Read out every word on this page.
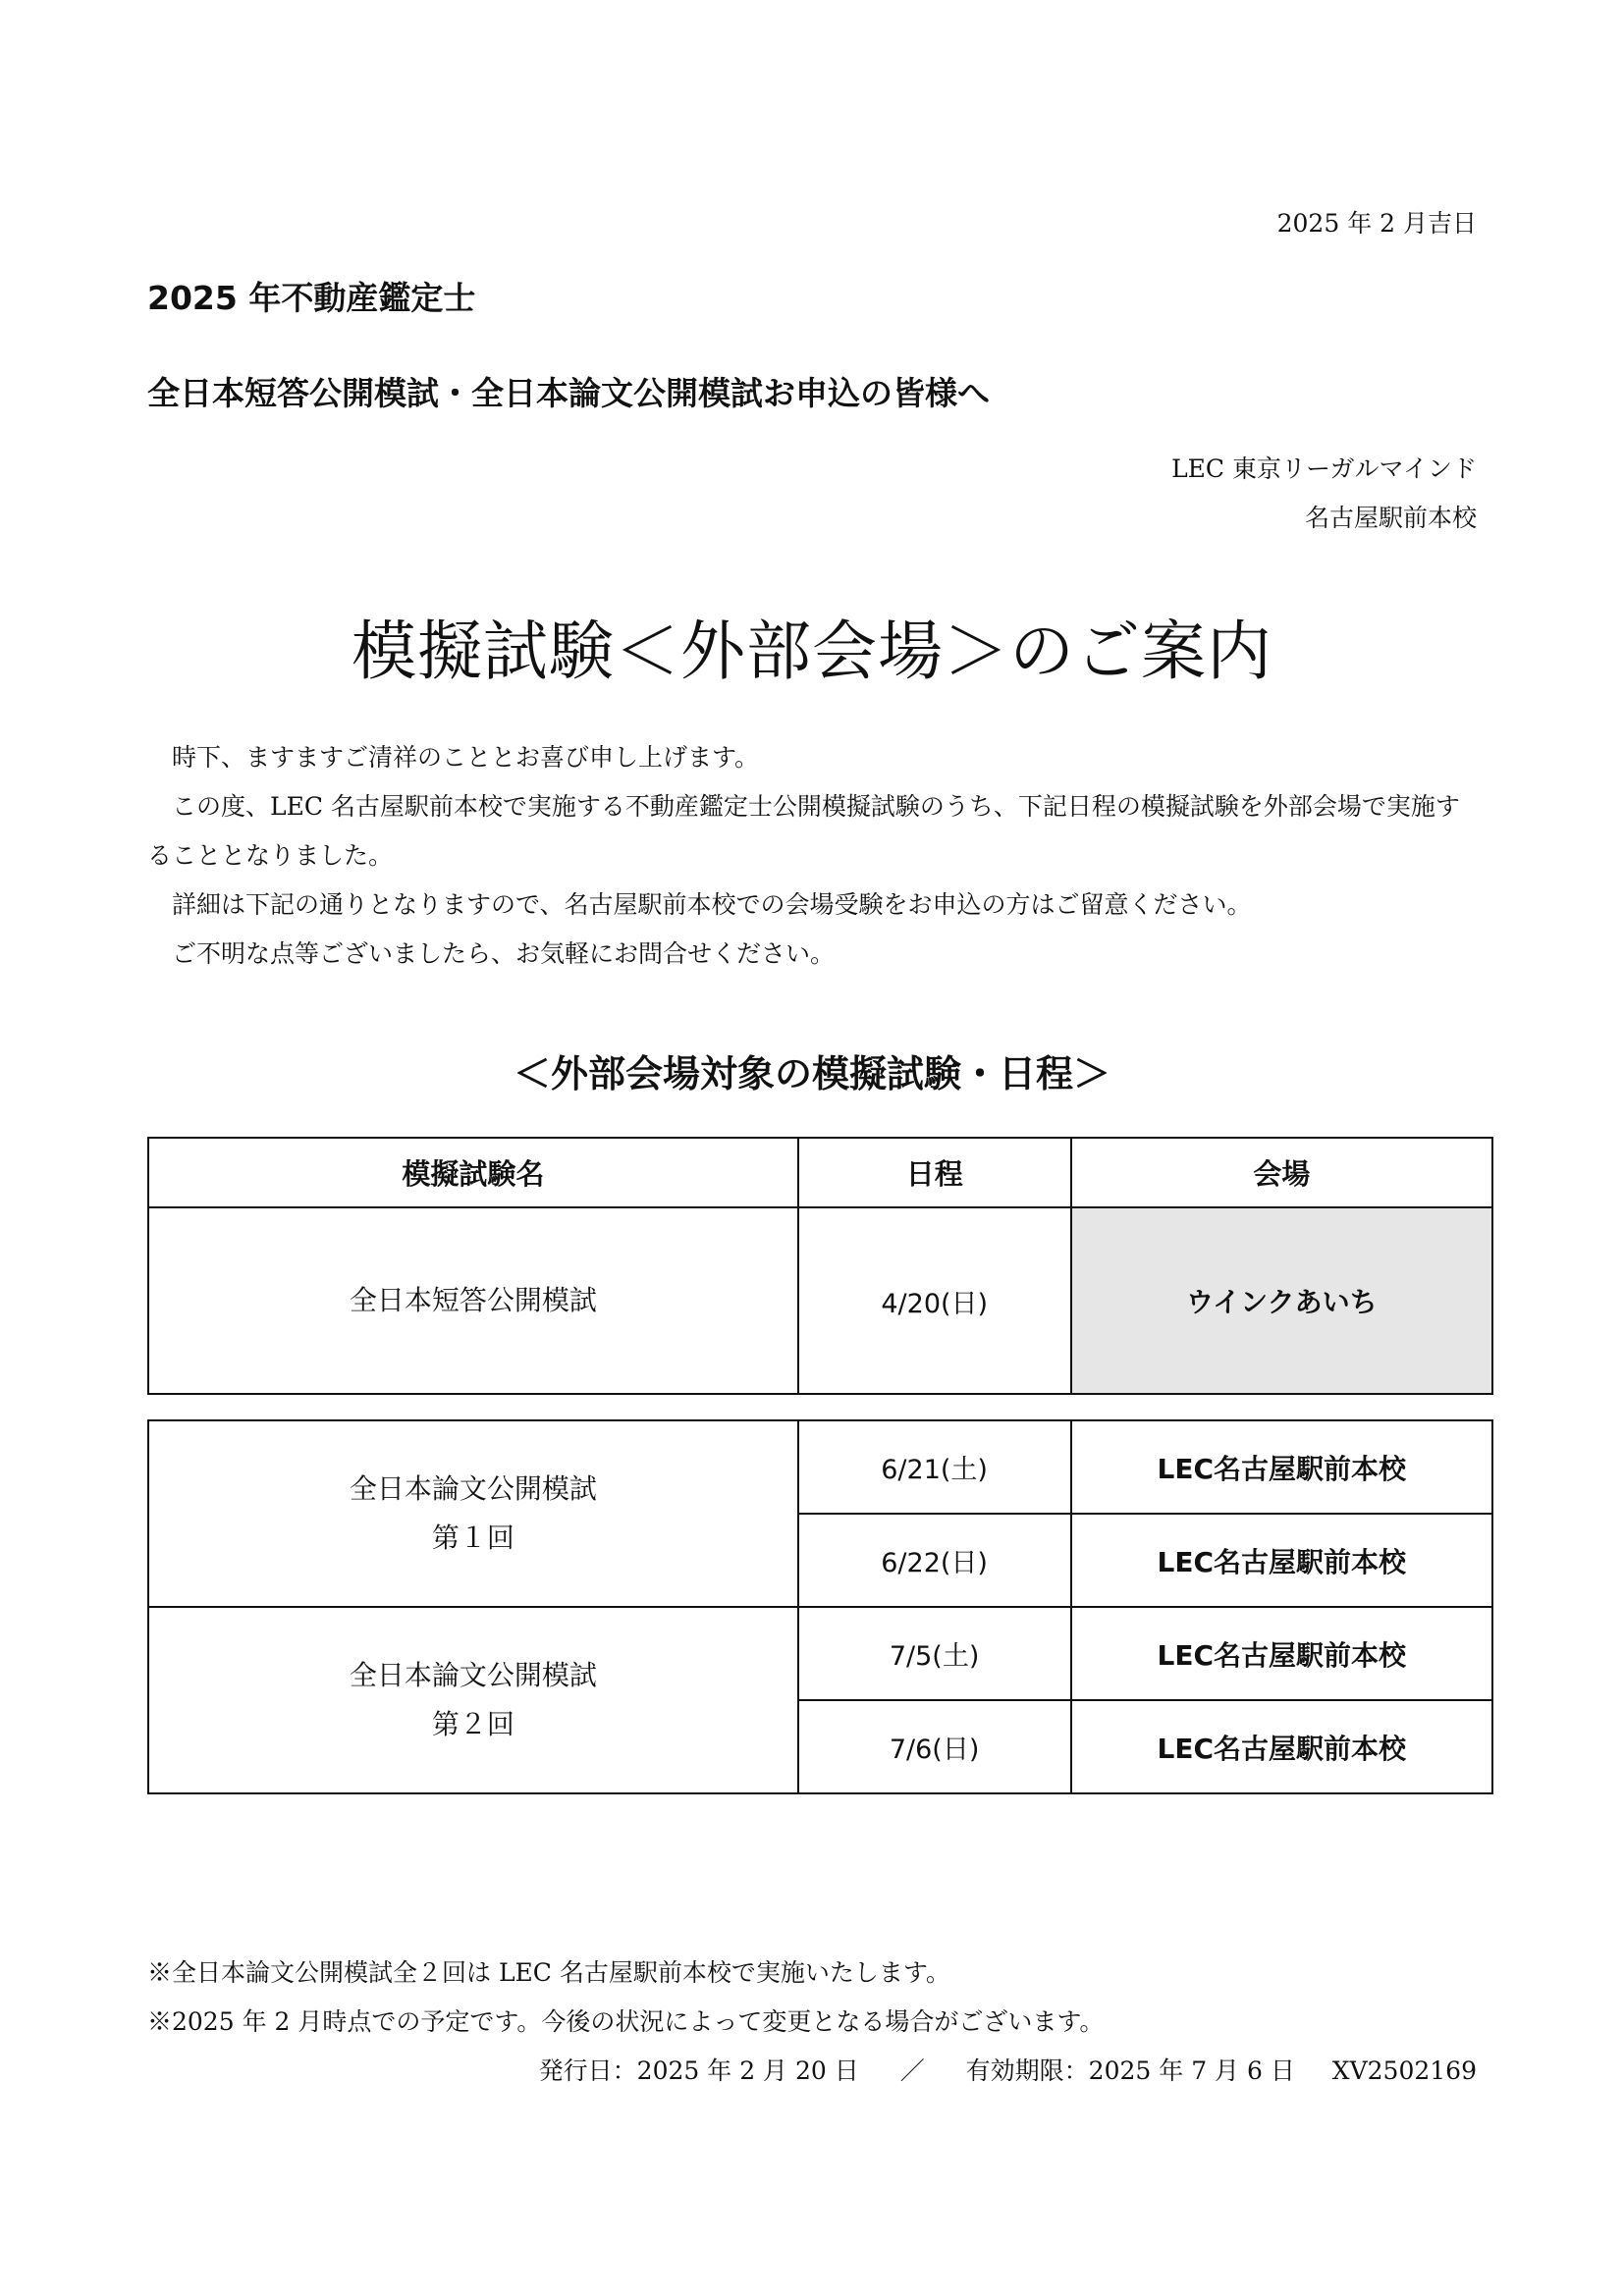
2025 年 2 月吉日
2025 年不動産鑑定士
全日本短答公開模試・全日本論文公開模試お申込の皆様へ
LEC 東京リーガルマインド
名古屋駅前本校
模擬試験＜外部会場＞のご案内

時下、ますますご清祥のこととお喜び申し上げます。

この度、LEC 名古屋駅前本校で実施する不動産鑑定士公開模擬試験のうち、下記日程の模擬試験を外部会場で実施することとなりました。

詳細は下記の通りとなりますので、名古屋駅前本校での会場受験をお申込の方はご留意ください。

ご不明な点等ございましたら、お気軽にお問合せください。

＜外部会場対象の模擬試験・日程＞
模擬試験名	日程	会場
全日本短答公開模試	4/20(日)	ウインクあいち
全日本論文公開模試
第１回	6/21(土)	LEC名古屋駅前本校
	6/22(日)	LEC名古屋駅前本校

全日本論文公開模試
第２回	7/5(土)	LEC名古屋駅前本校
	7/6(日)	LEC名古屋駅前本校
※全日本論文公開模試全２回は LEC 名古屋駅前本校で実施いたします。
※2025 年 2 月時点での予定です。今後の状況によって変更となる場合がございます。
発行日：2025 年 2 月 20 日 ／ 有効期限：2025 年 7 月 6 日 XV2502169
